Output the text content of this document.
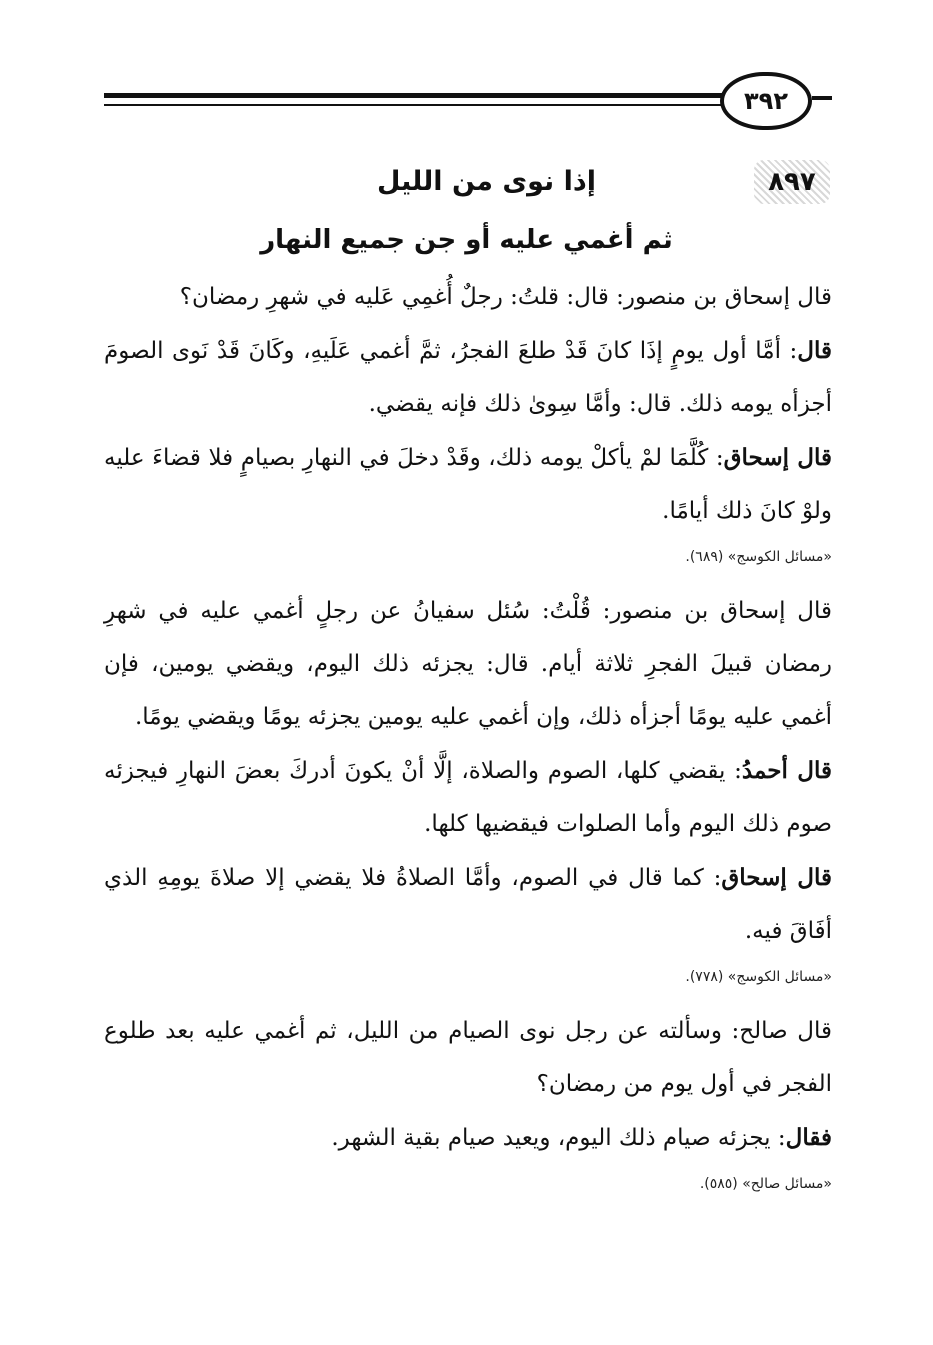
٣٩٢
٨٩٧
إذا نوى من الليل
ثم أغمي عليه أو جن جميع النهار

قال إسحاق بن منصور: قال: قلتُ: رجلٌ أُغمِي عَليه في شهرِ رمضان؟

قال: أمَّا أول يومٍ إذَا كانَ قَدْ طلعَ الفجرُ، ثمَّ أغمي عَلَيهِ، وكَانَ قَدْ نَوى الصومَ أجزأه يومه ذلك. قال: وأمَّا سِوىٰ ذلك فإنه يقضي.

قال إسحاق: كُلَّمَا لمْ يأكلْ يومه ذلك، وقَدْ دخلَ في النهارِ بصيامٍ فلا قضاءَ عليه ولوْ كانَ ذلك أيامًا.

«مسائل الكوسج» (٦٨٩).

قال إسحاق بن منصور: قُلْتُ: سُئل سفيانُ عن رجلٍ أغمي عليه في شهرِ رمضان قبيلَ الفجرِ ثلاثة أيام. قال: يجزئه ذلك اليوم، ويقضي يومين، فإن أغمي عليه يومًا أجزأه ذلك، وإن أغمي عليه يومين يجزئه يومًا ويقضي يومًا.

قال أحمدُ: يقضي كلها، الصوم والصلاة، إلَّا أنْ يكونَ أدركَ بعضَ النهارِ فيجزئه صوم ذلك اليوم وأما الصلوات فيقضيها كلها.

قال إسحاق: كما قال في الصوم، وأمَّا الصلاةُ فلا يقضي إلا صلاةَ يومِهِ الذي أفَاقَ فيه.

«مسائل الكوسج» (٧٧٨).

قال صالح: وسألته عن رجل نوى الصيام من الليل، ثم أغمي عليه بعد طلوع الفجر في أول يوم من رمضان؟

فقال: يجزئه صيام ذلك اليوم، ويعيد صيام بقية الشهر.

«مسائل صالح» (٥٨٥).
